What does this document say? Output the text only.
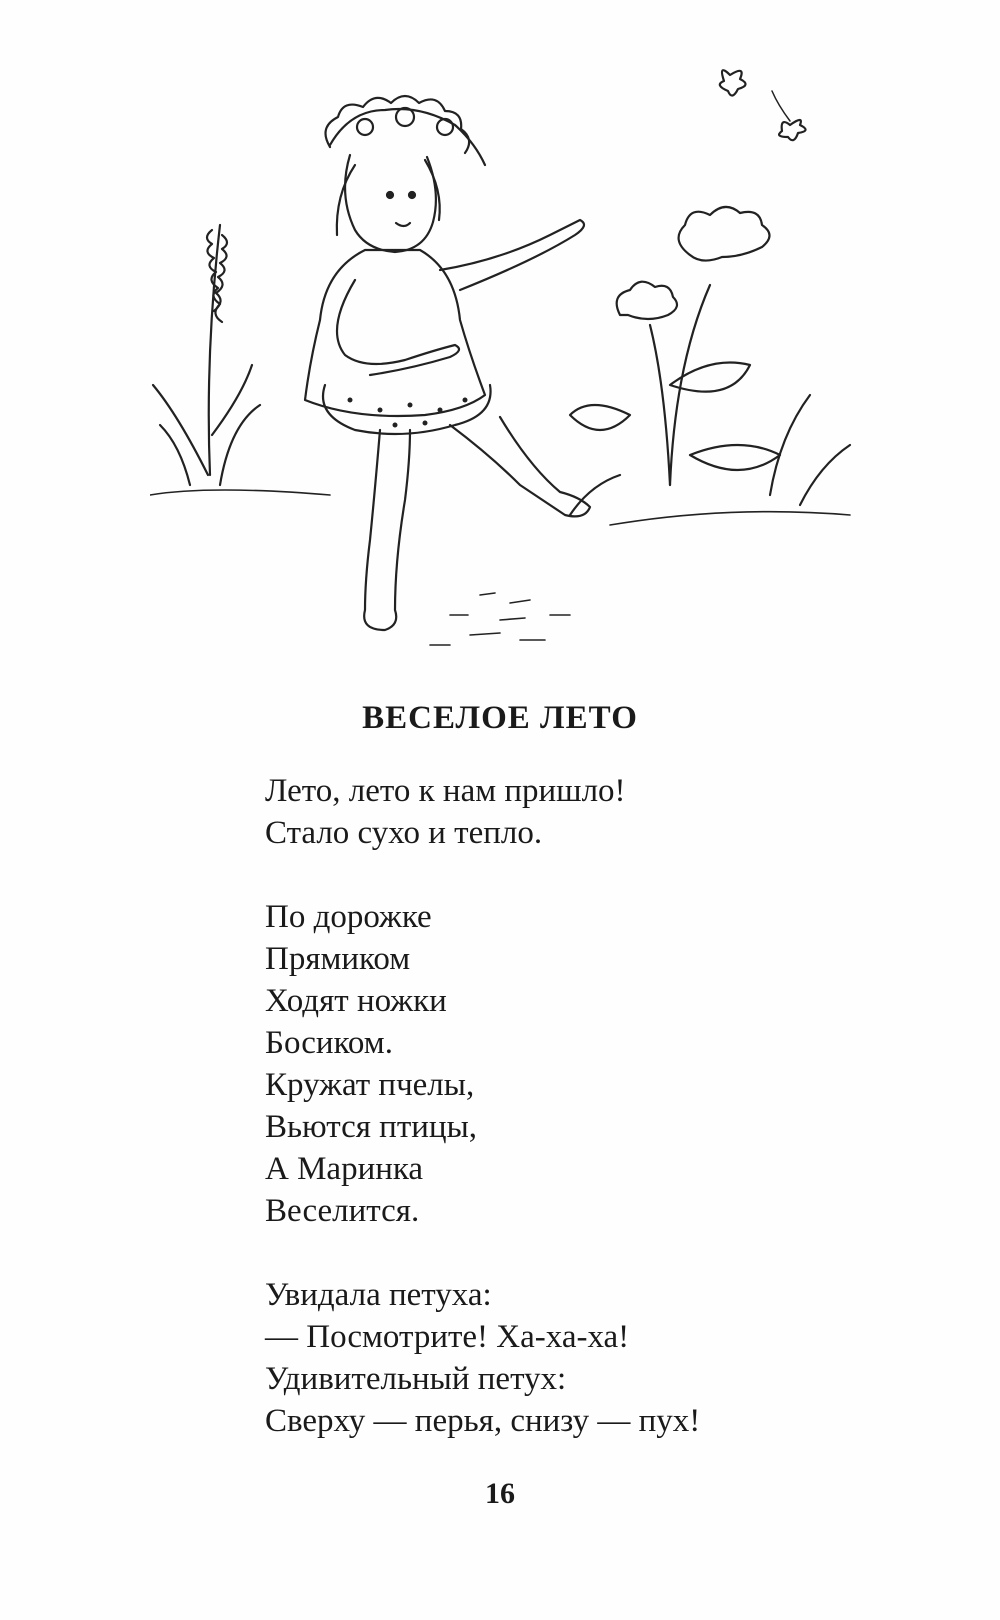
ВЕСЕЛОЕ ЛЕТО
Лето, лето к нам пришло!
Стало сухо и тепло.
По дорожке
Прямиком
Ходят ножки
Босиком.
Кружат пчелы,
Вьются птицы,
А Маринка
Веселится.
Увидала петуха:
— Посмотрите! Ха-ха-ха!
Удивительный петух:
Сверху — перья, снизу — пух!
16
